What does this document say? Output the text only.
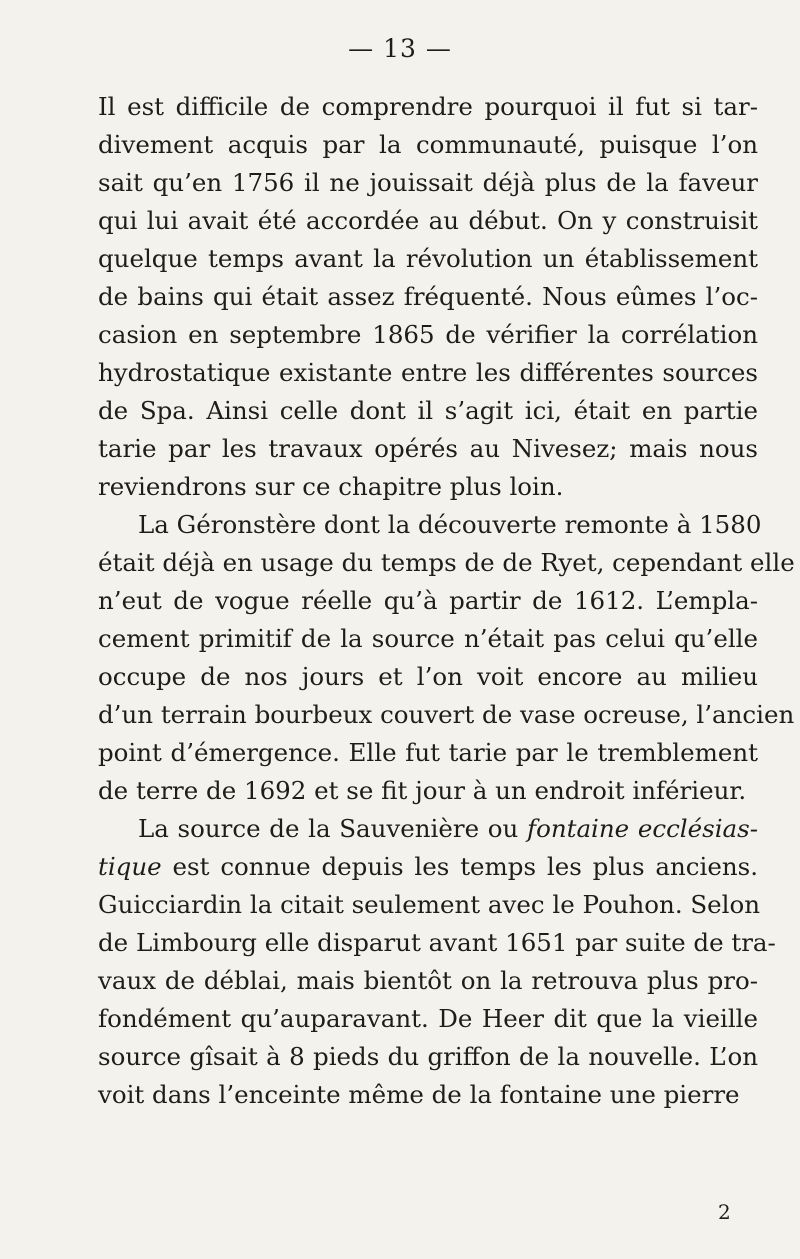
— 13 —
Il est difficile de comprendre pourquoi il fut si tar-
divement acquis par la communauté, puisque l’on
sait qu’en 1756 il ne jouissait déjà plus de la faveur
qui lui avait été accordée au début. On y construisit
quelque temps avant la révolution un établissement
de bains qui était assez fréquenté. Nous eûmes l’oc-
casion en septembre 1865 de vérifier la corrélation
hydrostatique existante entre les différentes sources
de Spa. Ainsi celle dont il s’agit ici, était en partie
tarie par les travaux opérés au Nivesez; mais nous
reviendrons sur ce chapitre plus loin.
La Géronstère dont la découverte remonte à 1580
était déjà en usage du temps de de Ryet, cependant elle
n’eut de vogue réelle qu’à partir de 1612. L’empla-
cement primitif de la source n’était pas celui qu’elle
occupe de nos jours et l’on voit encore au milieu
d’un terrain bourbeux couvert de vase ocreuse, l’ancien
point d’émergence. Elle fut tarie par le tremblement
de terre de 1692 et se fit jour à un endroit inférieur.
La source de la Sauvenière ou fontaine ecclésias-
tique est connue depuis les temps les plus anciens.
Guicciardin la citait seulement avec le Pouhon. Selon
de Limbourg elle disparut avant 1651 par suite de tra-
vaux de déblai, mais bientôt on la retrouva plus pro-
fondément qu’auparavant. De Heer dit que la vieille
source gîsait à 8 pieds du griffon de la nouvelle. L’on
voit dans l’enceinte même de la fontaine une pierre
2
